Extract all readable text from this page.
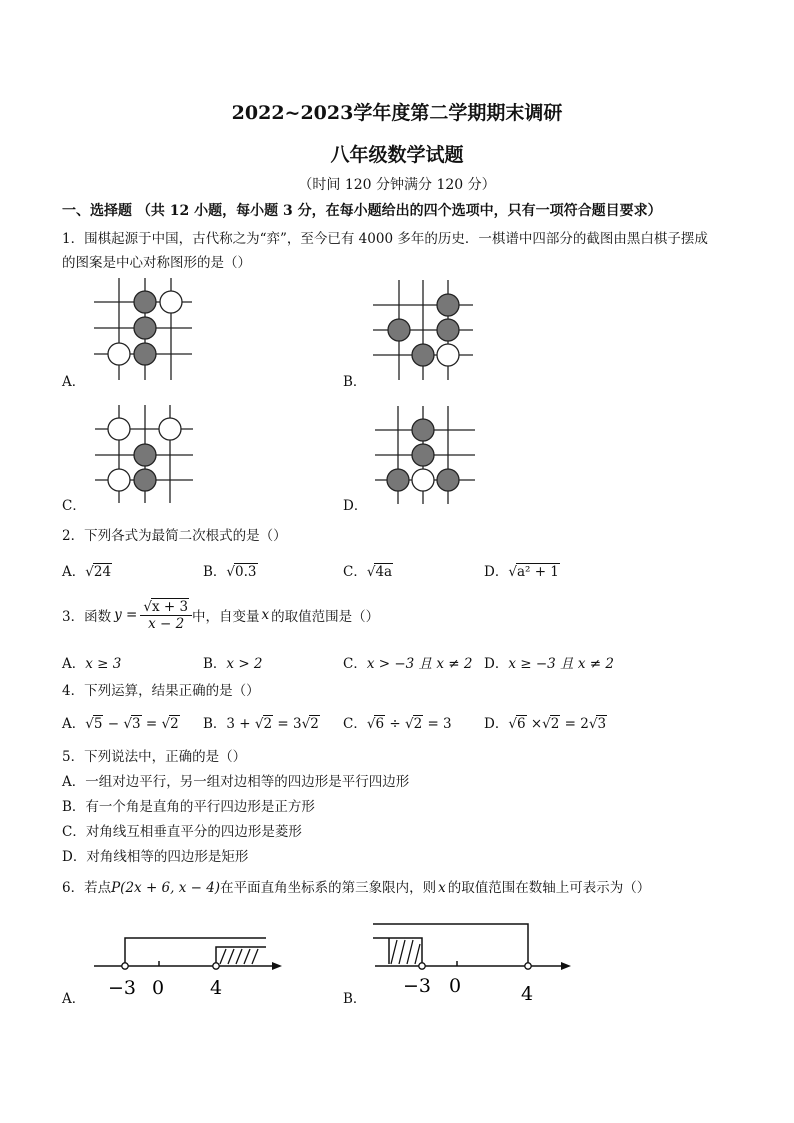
2022~2023学年度第二学期期末调研
八年级数学试题
（时间 120 分钟满分 120 分）
一、选择题 （共 12 小题，每小题 3 分，在每小题给出的四个选项中，只有一项符合题目要求）
1．围棋起源于中国，古代称之为“弈”，至今已有 4000 多年的历史．一棋谱中四部分的截图由黑白棋子摆成
的图案是中心对称图形的是（）
A．	B．
C．	D．
2．下列各式为最简二次根式的是（）
A．√24	B．√0.3	C．√4a	D．√a² + 1
3．函数 $y = \frac{√x + 3}{x - 2}$ 中，自变量 x 的取值范围是（）
A．x ≥ 3	B．x > 2	C．x > −3 且 x ≠ 2 D．x ≥ −3 且 x ≠ 2
4．下列运算，结果正确的是（）
A．√5 − √3 = √2 B．3 + √2 = 3√2 C．√6 ÷ √2 = 3 D．√6 ×√2 = 2√3
5．下列说法中，正确的是（）
A．一组对边平行，另一组对边相等的四边形是平行四边形
B．有一个角是直角的平行四边形是正方形
C．对角线互相垂直平分的四边形是菱形
D．对角线相等的四边形是矩形
6．若点P(2x + 6, x − 4)在平面直角坐标系的第三象限内，则 x 的取值范围在数轴上可表示为（）
A．	B．
−3 0 4	−3 0	4
